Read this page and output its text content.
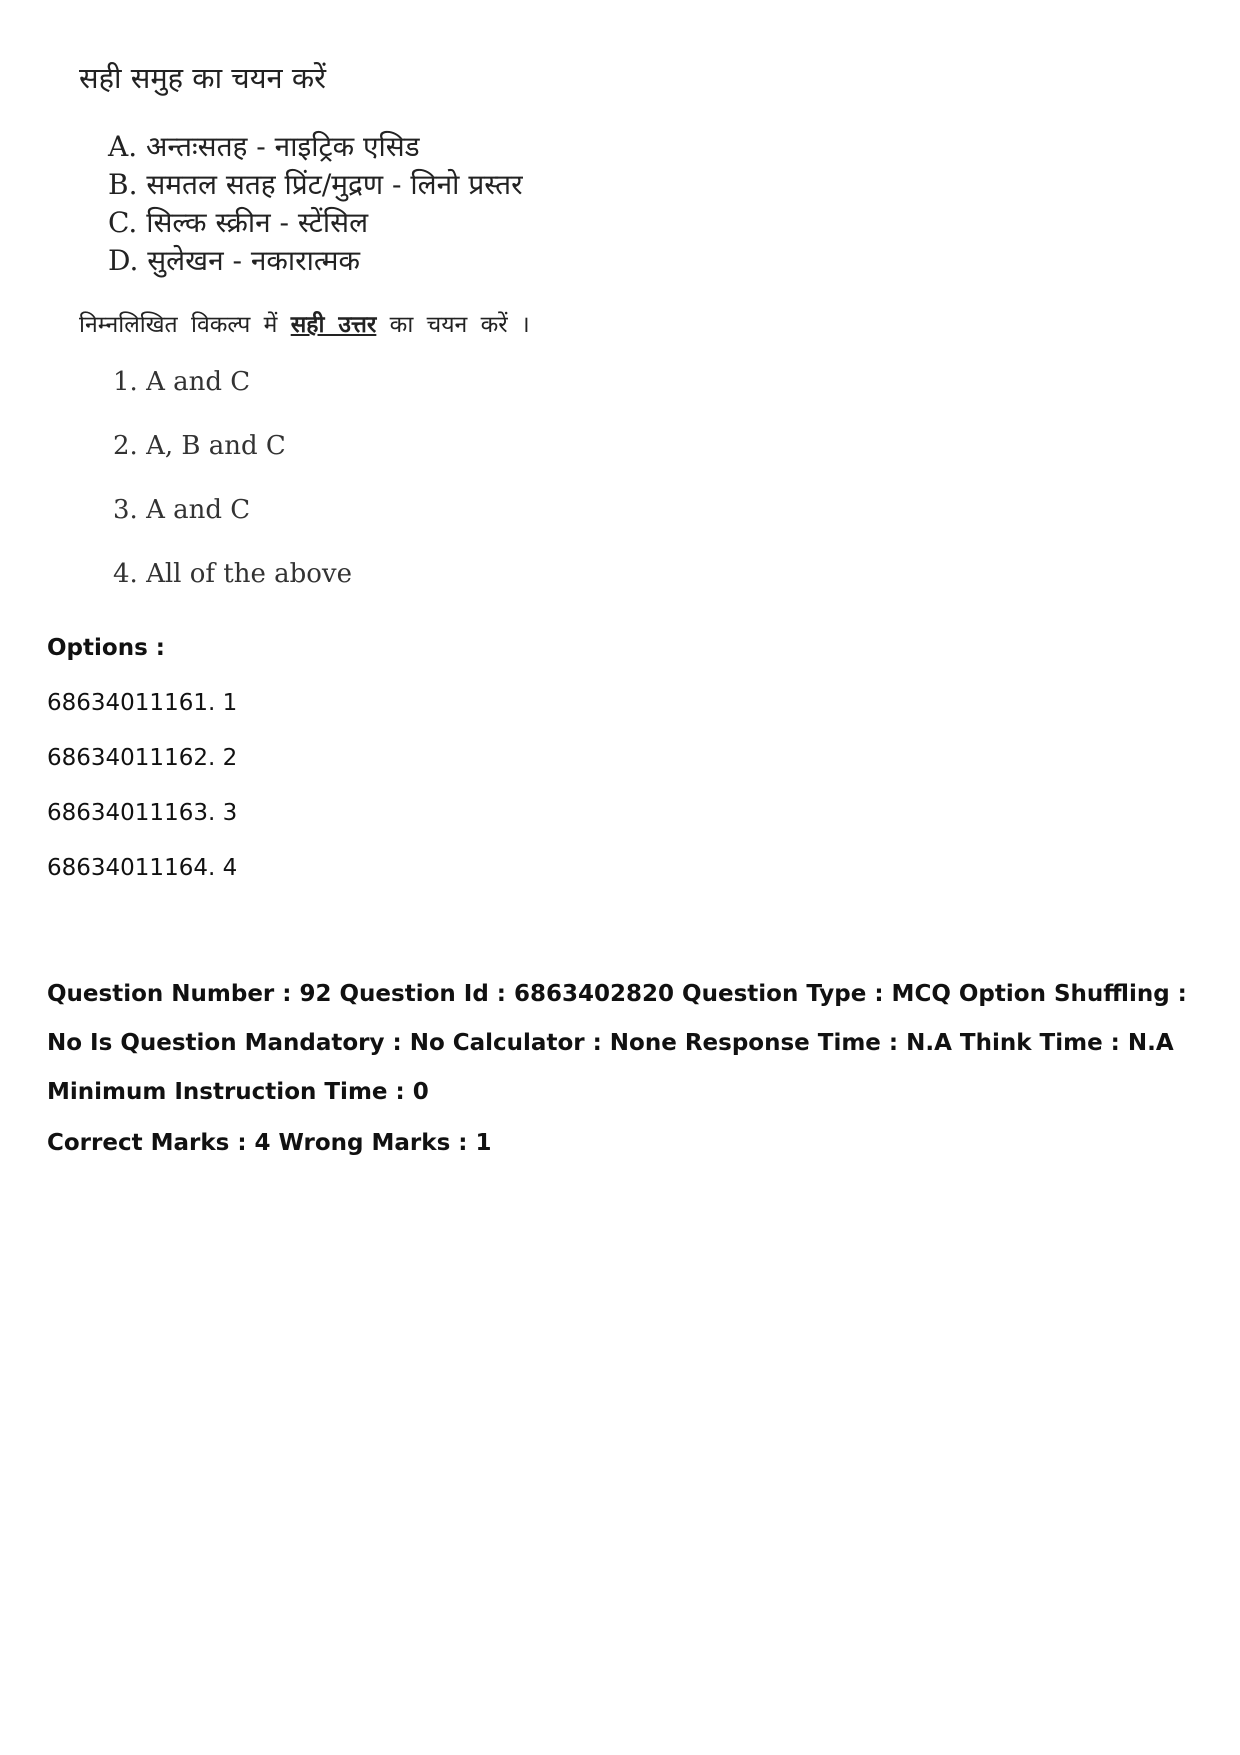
सही समुह का चयन करें
A. अन्तःसतह - नाइट्रिक एसिड
B. समतल सतह प्रिंट/मुद्रण - लिनो प्रस्तर
C. सिल्क स्क्रीन - स्टेंसिल
D. सुलेखन - नकारात्मक
निम्नलिखित विकल्प में सही उत्तर का चयन करें ।
1. A and C
2. A, B and C
3. A and C
4. All of the above
Options :
68634011161. 1
68634011162. 2
68634011163. 3
68634011164. 4
Question Number : 92 Question Id : 6863402820 Question Type : MCQ Option Shuffling : No Is Question Mandatory : No Calculator : None Response Time : N.A Think Time : N.A Minimum Instruction Time : 0
Correct Marks : 4 Wrong Marks : 1
